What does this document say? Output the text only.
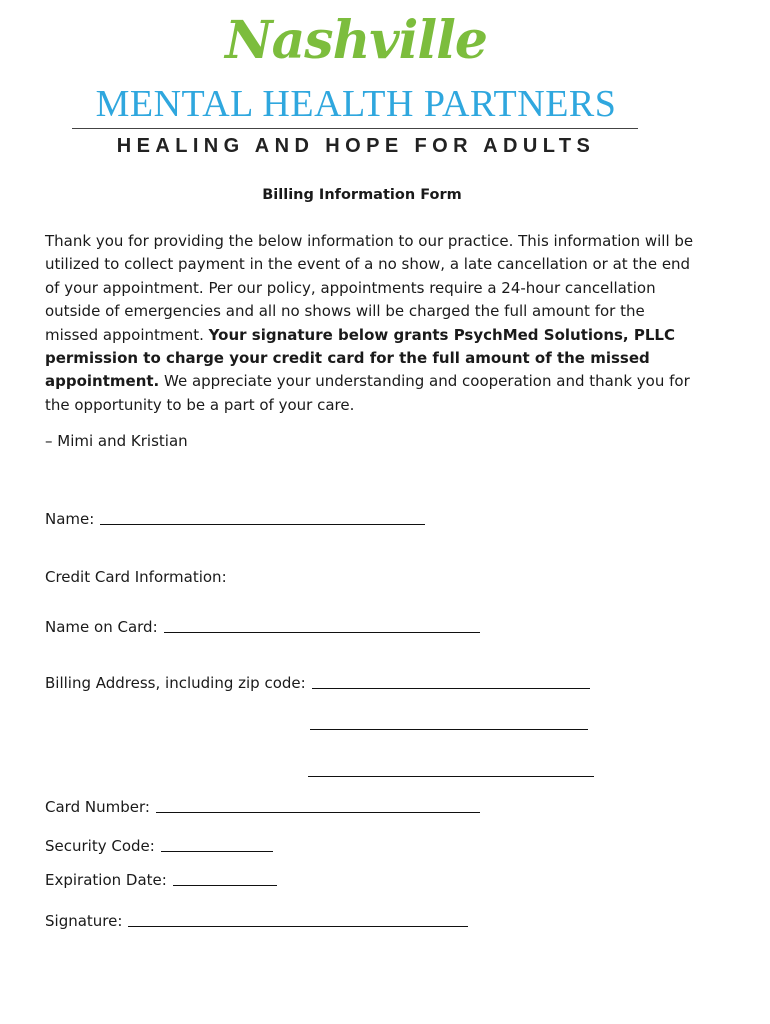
Nashville
MENTAL HEALTH PARTNERS
HEALING AND HOPE FOR ADULTS
Billing Information Form

Thank you for providing the below information to our practice. This information will be utilized to collect payment in the event of a no show, a late cancellation or at the end of your appointment. Per our policy, appointments require a 24-hour cancellation outside of emergencies and all no shows will be charged the full amount for the missed appointment. Your signature below grants PsychMed Solutions, PLLC permission to charge your credit card for the full amount of the missed appointment. We appreciate your understanding and cooperation and thank you for the opportunity to be a part of your care.

– Mimi and Kristian

Name:
Credit Card Information:
Name on Card:
Billing Address, including zip code:
Card Number:
Security Code:
Expiration Date:
Signature:
